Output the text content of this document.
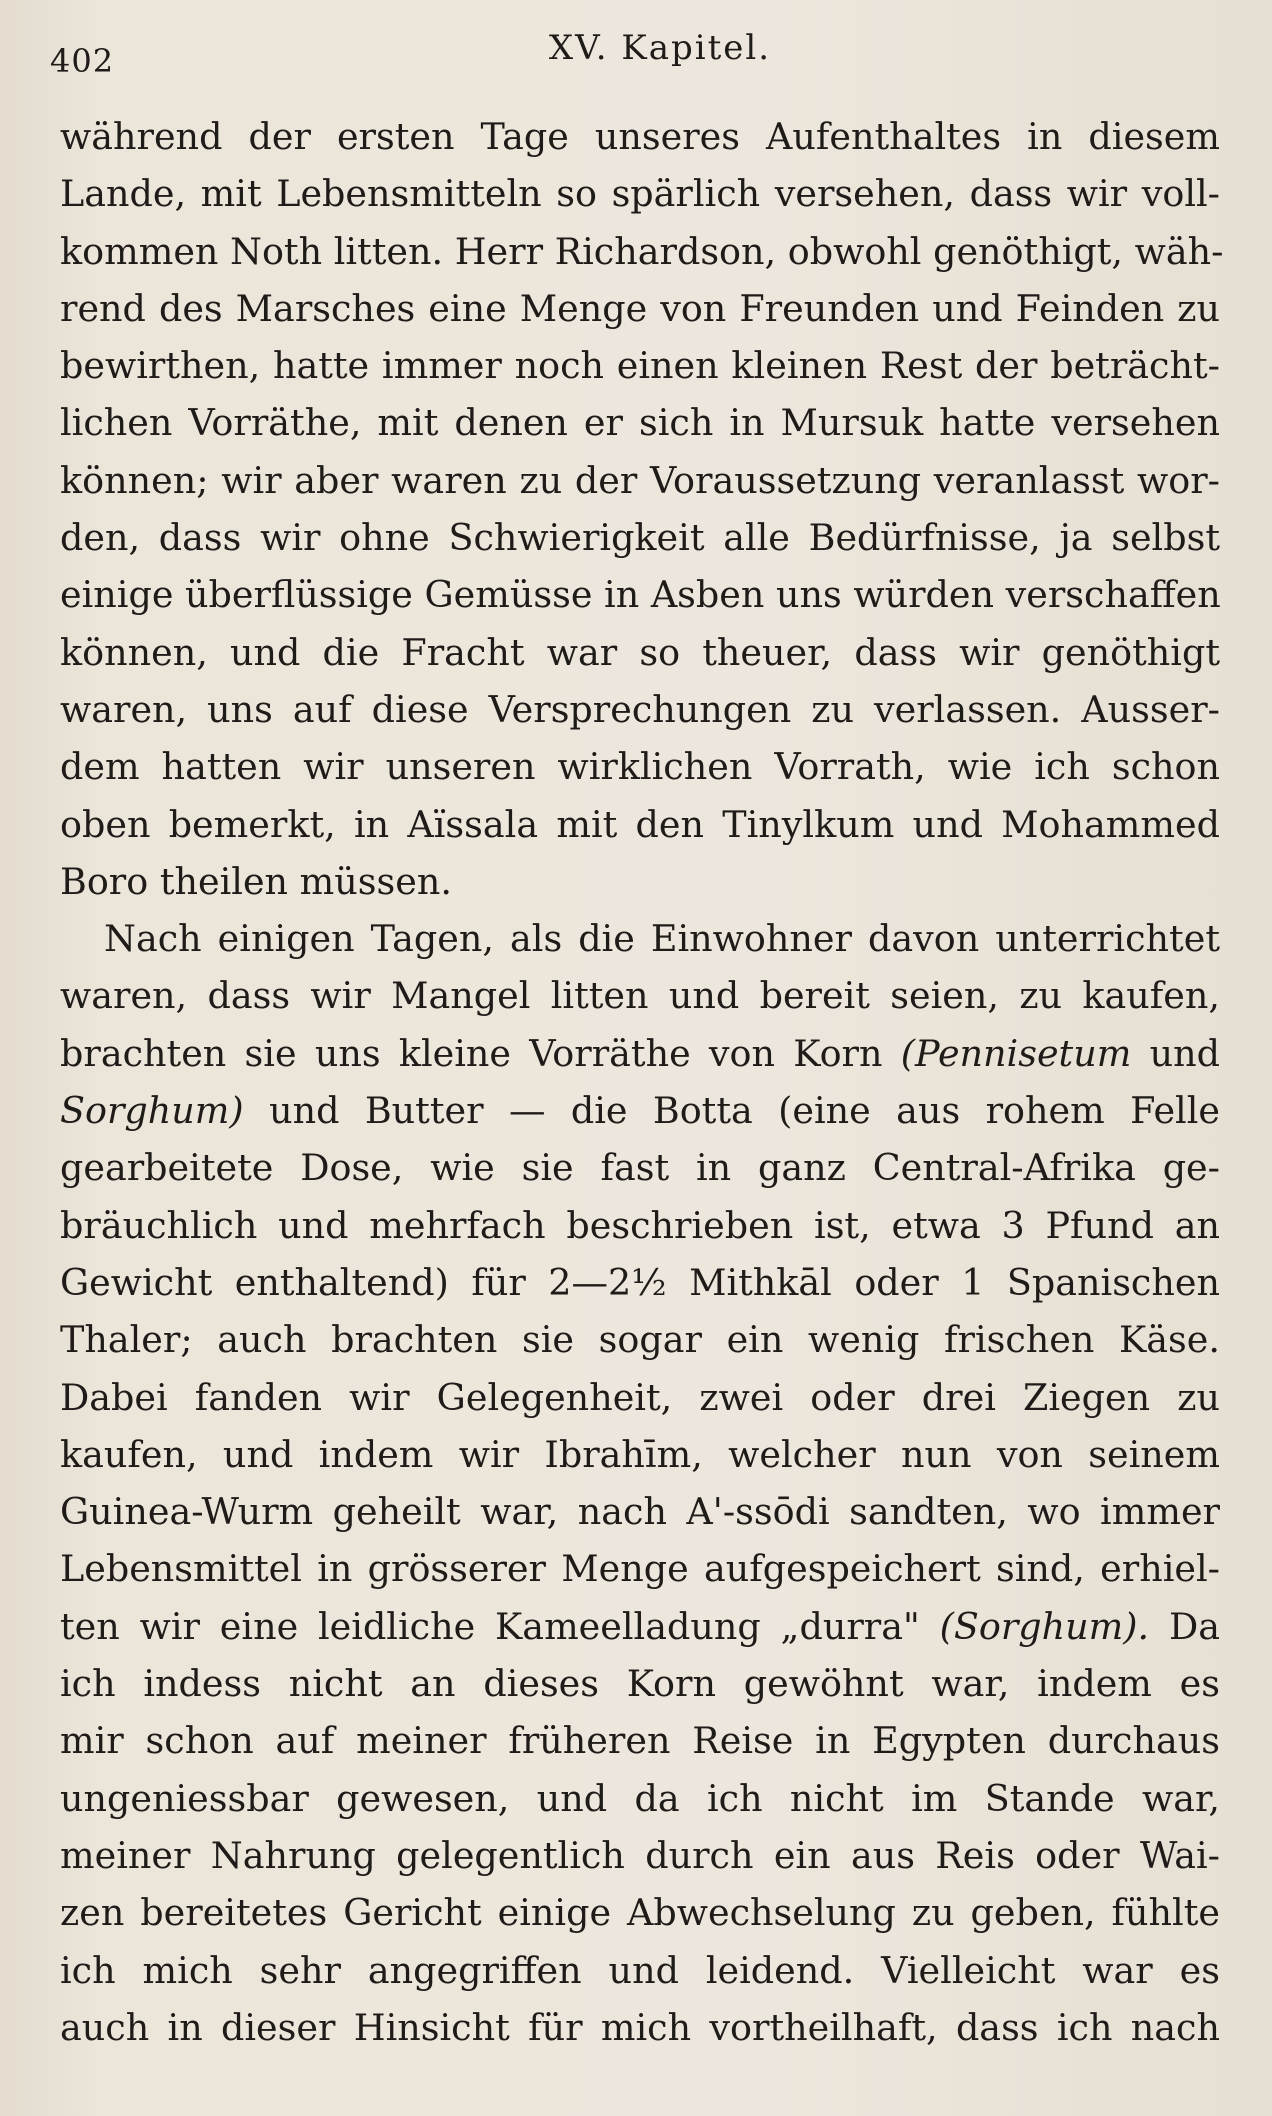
402	XV. Kapitel.
während der ersten Tage unseres Aufenthaltes in diesem
Lande, mit Lebensmitteln so spärlich versehen, dass wir voll-
kommen Noth litten. Herr Richardson, obwohl genöthigt, wäh-
rend des Marsches eine Menge von Freunden und Feinden zu
bewirthen, hatte immer noch einen kleinen Rest der beträcht-
lichen Vorräthe, mit denen er sich in Mursuk hatte versehen
können; wir aber waren zu der Voraussetzung veranlasst wor-
den, dass wir ohne Schwierigkeit alle Bedürfnisse, ja selbst
einige überflüssige Gemüsse in Asben uns würden verschaffen
können, und die Fracht war so theuer, dass wir genöthigt
waren, uns auf diese Versprechungen zu verlassen. Ausser-
dem hatten wir unseren wirklichen Vorrath, wie ich schon
oben bemerkt, in Aïssala mit den Tinylkum und Mohammed
Boro theilen müssen.
Nach einigen Tagen, als die Einwohner davon unterrichtet
waren, dass wir Mangel litten und bereit seien, zu kaufen,
brachten sie uns kleine Vorräthe von Korn (Pennisetum und
Sorghum) und Butter — die Botta (eine aus rohem Felle
gearbeitete Dose, wie sie fast in ganz Central-Afrika ge-
bräuchlich und mehrfach beschrieben ist, etwa 3 Pfund an
Gewicht enthaltend) für 2—2½ Mithkāl oder 1 Spanischen
Thaler; auch brachten sie sogar ein wenig frischen Käse.
Dabei fanden wir Gelegenheit, zwei oder drei Ziegen zu
kaufen, und indem wir Ibrahīm, welcher nun von seinem
Guinea-Wurm geheilt war, nach A'-ssōdi sandten, wo immer
Lebensmittel in grösserer Menge aufgespeichert sind, erhiel-
ten wir eine leidliche Kameelladung „durra" (Sorghum). Da
ich indess nicht an dieses Korn gewöhnt war, indem es
mir schon auf meiner früheren Reise in Egypten durchaus
ungeniessbar gewesen, und da ich nicht im Stande war,
meiner Nahrung gelegentlich durch ein aus Reis oder Wai-
zen bereitetes Gericht einige Abwechselung zu geben, fühlte
ich mich sehr angegriffen und leidend. Vielleicht war es
auch in dieser Hinsicht für mich vortheilhaft, dass ich nach
